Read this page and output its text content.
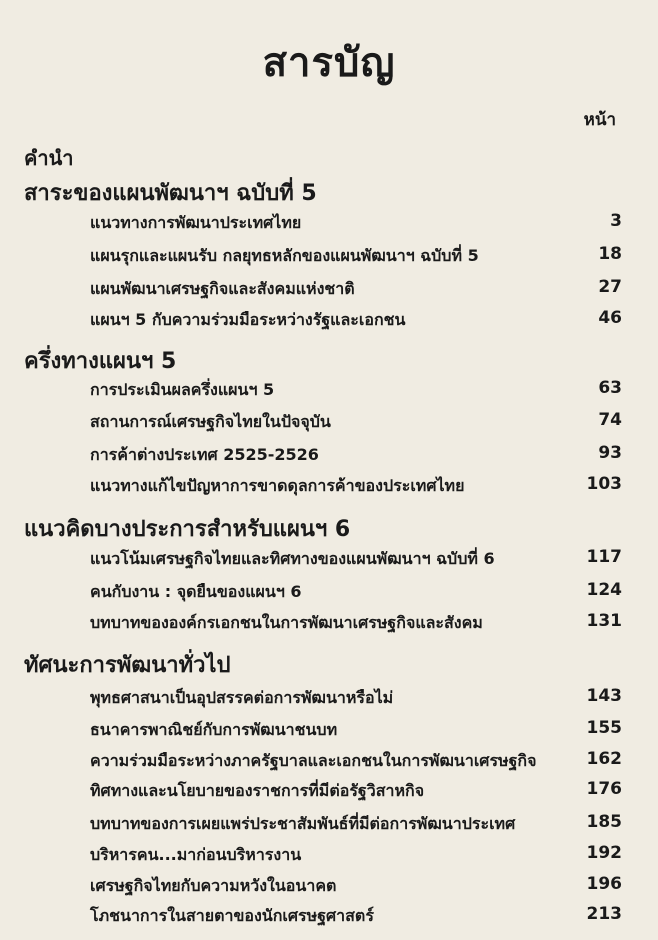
สารบัญ
หน้า
คำนำ
สาระของแผนพัฒนาฯ ฉบับที่ 5
แนวทางการพัฒนาประเทศไทย	3
แผนรุกและแผนรับ กลยุทธหลักของแผนพัฒนาฯ ฉบับที่ 5	18
แผนพัฒนาเศรษฐกิจและสังคมแห่งชาติ	27
แผนฯ 5 กับความร่วมมือระหว่างรัฐและเอกชน	46
ครึ่งทางแผนฯ 5
การประเมินผลครึ่งแผนฯ 5	63
สถานการณ์เศรษฐกิจไทยในปัจจุบัน	74
การค้าต่างประเทศ 2525-2526	93
แนวทางแก้ไขปัญหาการขาดดุลการค้าของประเทศไทย	103
แนวคิดบางประการสำหรับแผนฯ 6
แนวโน้มเศรษฐกิจไทยและทิศทางของแผนพัฒนาฯ ฉบับที่ 6	117
คนกับงาน : จุดยืนของแผนฯ 6	124
บทบาทขององค์กรเอกชนในการพัฒนาเศรษฐกิจและสังคม	131
ทัศนะการพัฒนาทั่วไป
พุทธศาสนาเป็นอุปสรรคต่อการพัฒนาหรือไม่	143
ธนาคารพาณิชย์กับการพัฒนาชนบท	155
ความร่วมมือระหว่างภาครัฐบาลและเอกชนในการพัฒนาเศรษฐกิจ	162
ทิศทางและนโยบายของราชการที่มีต่อรัฐวิสาหกิจ	176
บทบาทของการเผยแพร่ประชาสัมพันธ์ที่มีต่อการพัฒนาประเทศ	185
บริหารคน...มาก่อนบริหารงาน	192
เศรษฐกิจไทยกับความหวังในอนาคต	196
โภชนาการในสายตาของนักเศรษฐศาสตร์	213
